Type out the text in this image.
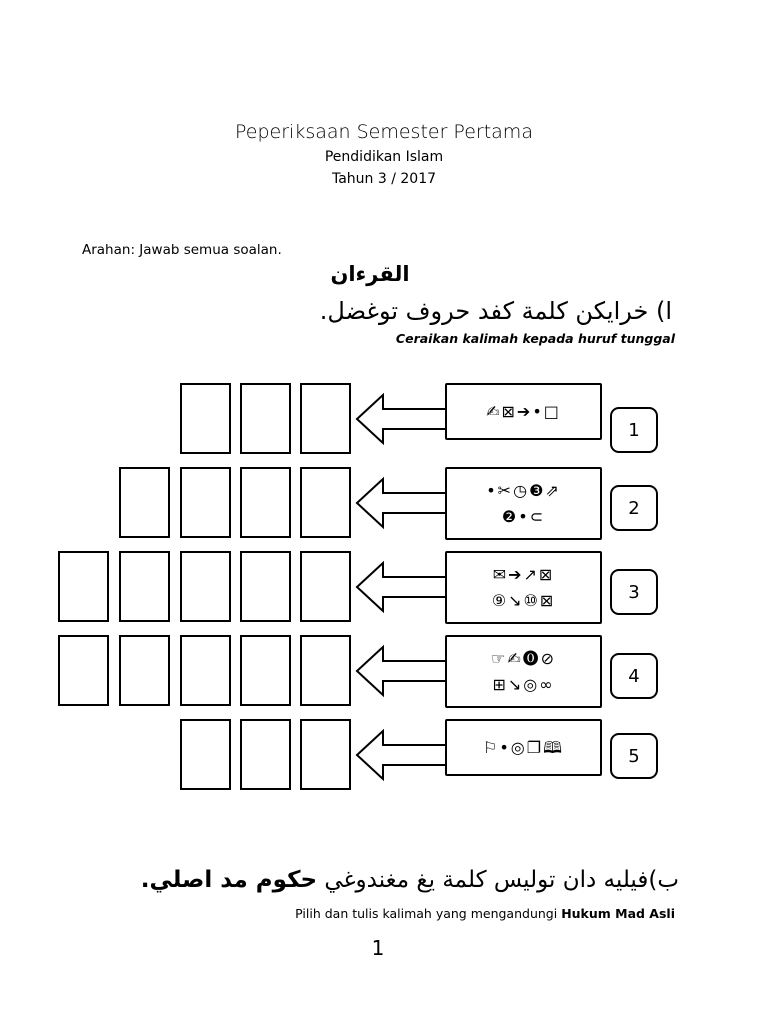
Peperiksaan Semester Pertama
Pendidikan Islam
Tahun 3 / 2017
Arahan: Jawab semua soalan.
القرءان
ا) خرايكن كلمة كفد حروف توغضل.
Ceraikan kalimah kepada huruf tunggal
✍⊠➔•□
1
•✂◷❸⇗
❷•⊂	2
✉➔↗⊠
⑨↘⑩⊠	3
☞✍⓿⊘
⊞↘◎∞	4
⚐•◎❐🕮	5
ب)فيليه دان توليس كلمة يغ مغندوغي حكوم مد اصلي.
Pilih dan tulis kalimah yang mengandungi Hukum Mad Asli
1
